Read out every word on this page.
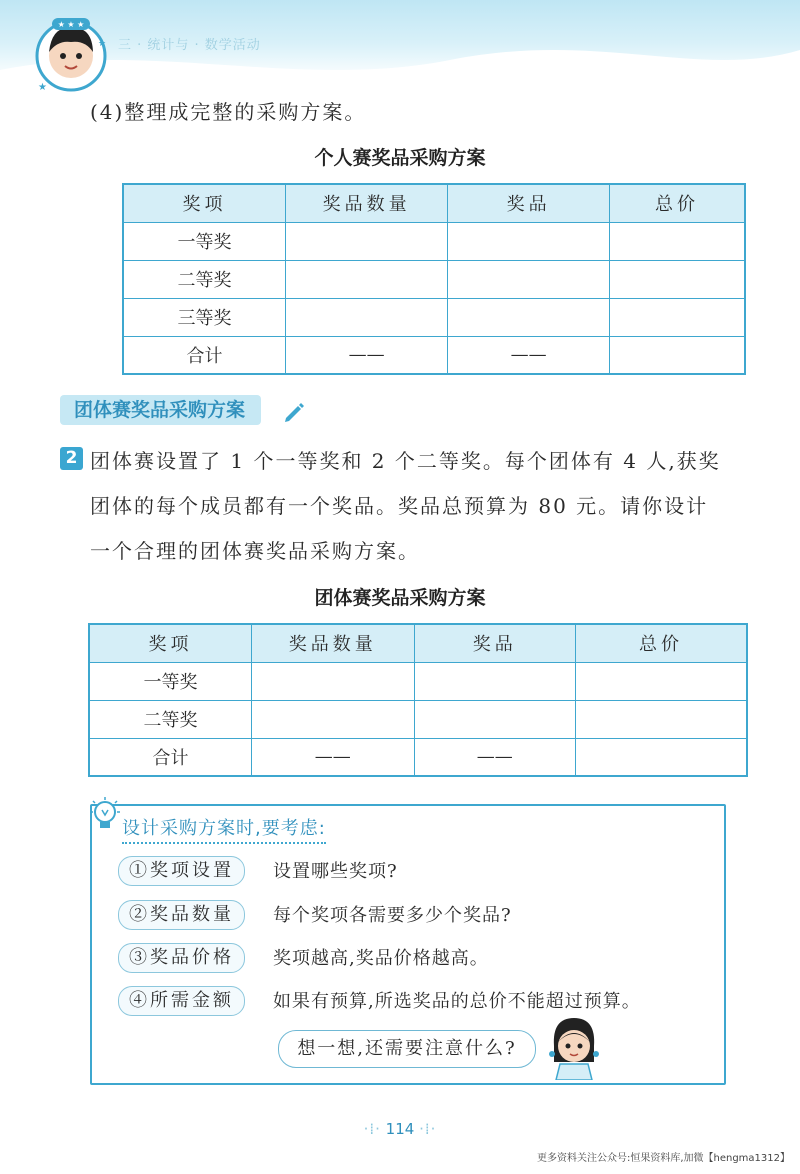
三 · 统计与 · 数学活动
★ ★ ★
★
★
(4)整理成完整的采购方案。
个人赛奖品采购方案
奖项	奖品数量	奖品	总价
一等奖			
二等奖			
三等奖			
合计	——	——	
团体赛奖品采购方案
2 团体赛设置了 1 个一等奖和 2 个二等奖。每个团体有 4 人,获奖
团体的每个成员都有一个奖品。奖品总预算为 80 元。请你设计
一个合理的团体赛奖品采购方案。
团体赛奖品采购方案
奖项	奖品数量	奖品	总价
一等奖			
二等奖			
合计	——	——	
设计采购方案时,要考虑:
①奖项设置	设置哪些奖项?
②奖品数量	每个奖项各需要多少个奖品?
③奖品价格	奖项越高,奖品价格越高。
④所需金额	如果有预算,所选奖品的总价不能超过预算。
想一想,还需要注意什么?
·⁞· 114 ·⁞·
更多资料关注公众号:恒果资料库,加微【hengma1312】
